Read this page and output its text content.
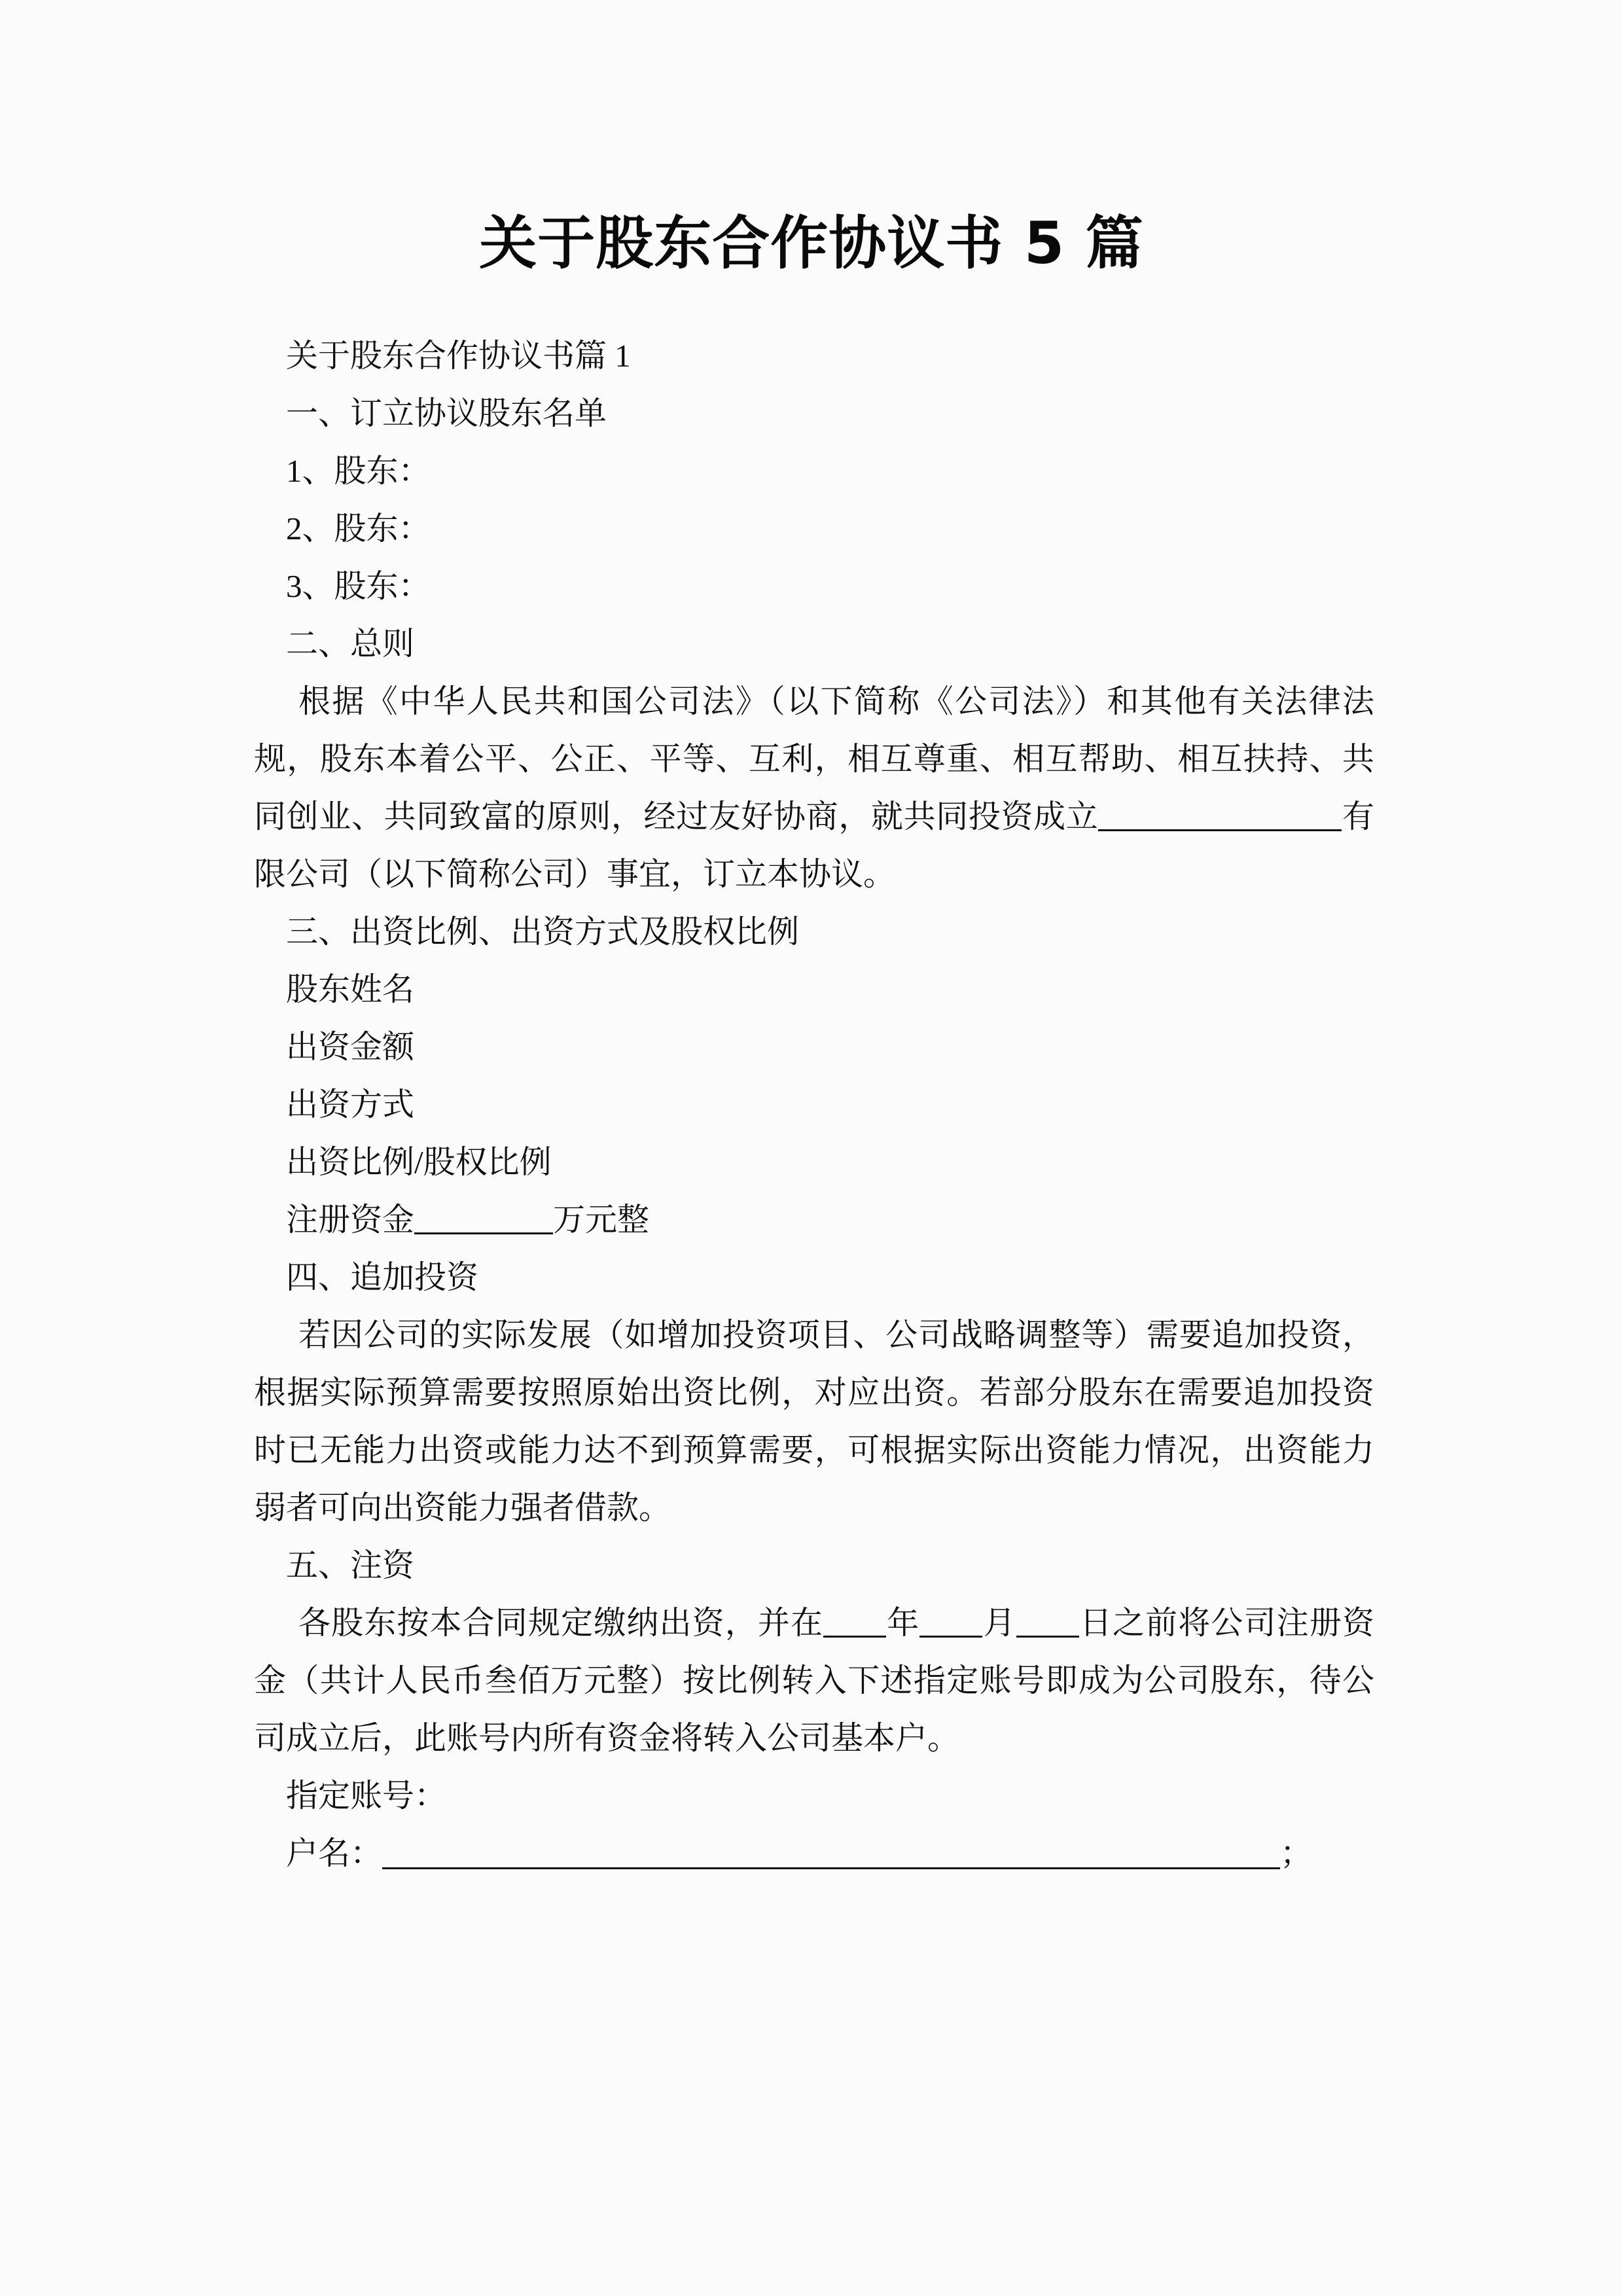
关于股东合作协议书 5 篇

关于股东合作协议书篇 1

一、订立协议股东名单

1、股东：

2、股东：

3、股东：

二、总则

根据《中华人民共和国公司法》（以下简称《公司法》）和其他有关法律法规，股东本着公平、公正、平等、互利，相互尊重、相互帮助、相互扶持、共同创业、共同致富的原则，经过友好协商，就共同投资成立	有限公司（以下简称公司）事宜，订立本协议。

三、出资比例、出资方式及股权比例

股东姓名

出资金额

出资方式

出资比例/股权比例

注册资金	万元整

四、追加投资

若因公司的实际发展（如增加投资项目、公司战略调整等）需要追加投资，根据实际预算需要按照原始出资比例，对应出资。若部分股东在需要追加投资时已无能力出资或能力达不到预算需要，可根据实际出资能力情况，出资能力弱者可向出资能力强者借款。

五、注资

各股东按本合同规定缴纳出资，并在 年 月 日之前将公司注册资金（共计人民币叁佰万元整）按比例转入下述指定账号即成为公司股东，待公司成立后，此账号内所有资金将转入公司基本户。

指定账号：

户名：	；
